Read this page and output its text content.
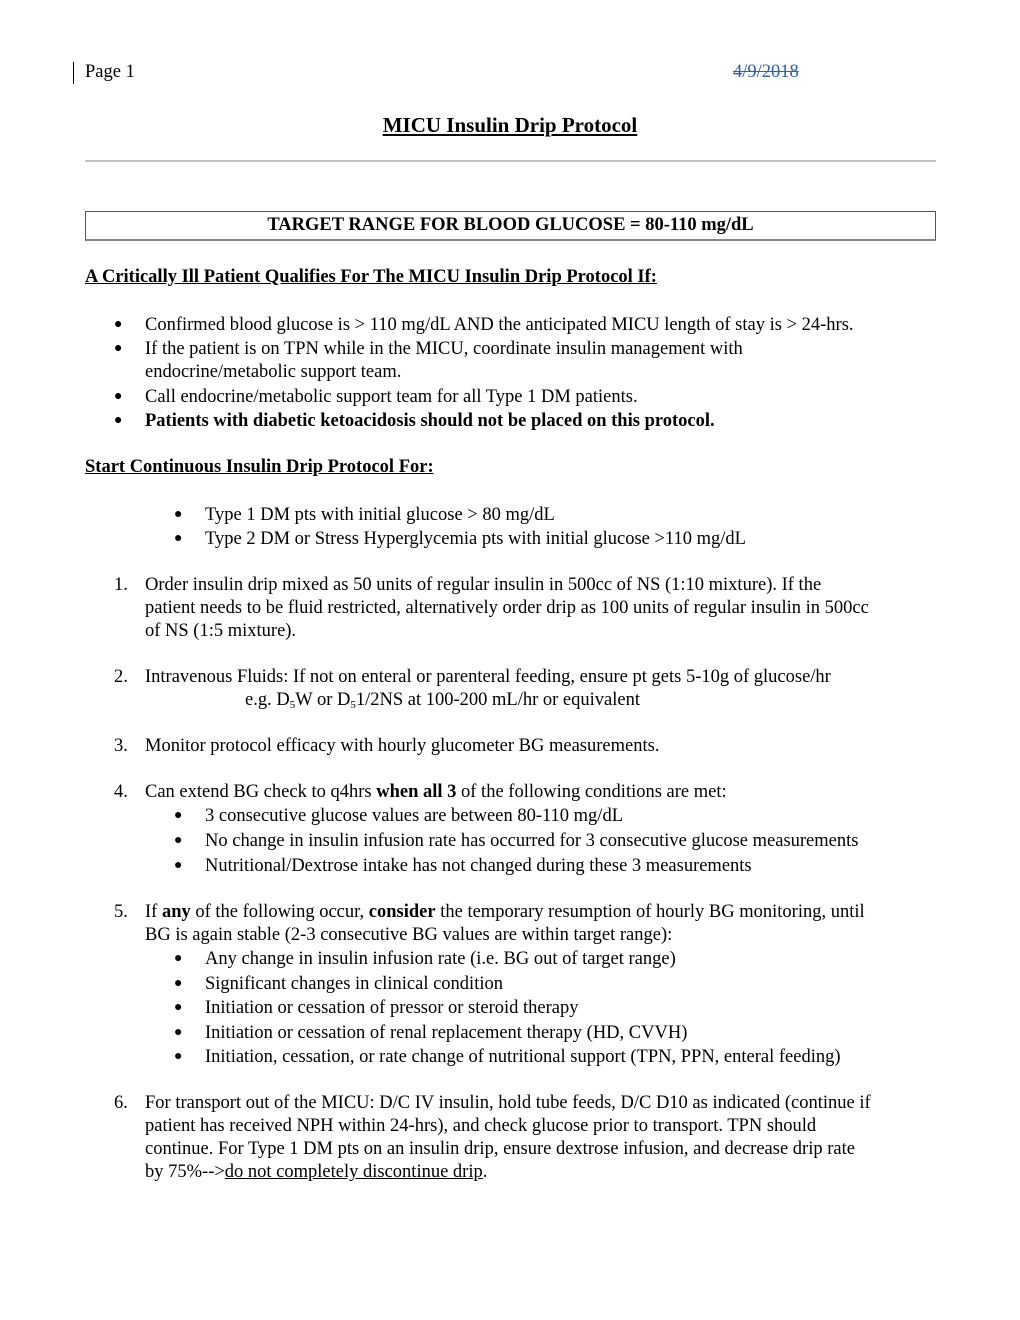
Page 1	4/9/2018
MICU Insulin Drip Protocol
TARGET RANGE FOR BLOOD GLUCOSE = 80-110 mg/dL
A Critically Ill Patient Qualifies For The MICU Insulin Drip Protocol If:
● Confirmed blood glucose is > 110 mg/dL AND the anticipated MICU length of stay is > 24-hrs.
● If the patient is on TPN while in the MICU, coordinate insulin management with
endocrine/metabolic support team.
● Call endocrine/metabolic support team for all Type 1 DM patients.
● Patients with diabetic ketoacidosis should not be placed on this protocol.
Start Continuous Insulin Drip Protocol For:
● Type 1 DM pts with initial glucose > 80 mg/dL
● Type 2 DM or Stress Hyperglycemia pts with initial glucose >110 mg/dL
1. Order insulin drip mixed as 50 units of regular insulin in 500cc of NS (1:10 mixture). If the
patient needs to be fluid restricted, alternatively order drip as 100 units of regular insulin in 500cc
of NS (1:5 mixture).
2. Intravenous Fluids: If not on enteral or parenteral feeding, ensure pt gets 5-10g of glucose/hr
e.g. $D_5W$ or $D_51/2NS$ at 100-200 mL/hr or equivalent
3. Monitor protocol efficacy with hourly glucometer BG measurements.
4. Can extend BG check to q4hrs when all 3 of the following conditions are met:
● 3 consecutive glucose values are between 80-110 mg/dL
● No change in insulin infusion rate has occurred for 3 consecutive glucose measurements
● Nutritional/Dextrose intake has not changed during these 3 measurements
5. If any of the following occur, consider the temporary resumption of hourly BG monitoring, until
BG is again stable (2-3 consecutive BG values are within target range):
● Any change in insulin infusion rate (i.e. BG out of target range)
● Significant changes in clinical condition
● Initiation or cessation of pressor or steroid therapy
● Initiation or cessation of renal replacement therapy (HD, CVVH)
● Initiation, cessation, or rate change of nutritional support (TPN, PPN, enteral feeding)
6. For transport out of the MICU: D/C IV insulin, hold tube feeds, D/C D10 as indicated (continue if
patient has received NPH within 24-hrs), and check glucose prior to transport. TPN should
continue. For Type 1 DM pts on an insulin drip, ensure dextrose infusion, and decrease drip rate
by 75%-->do not completely discontinue drip.
